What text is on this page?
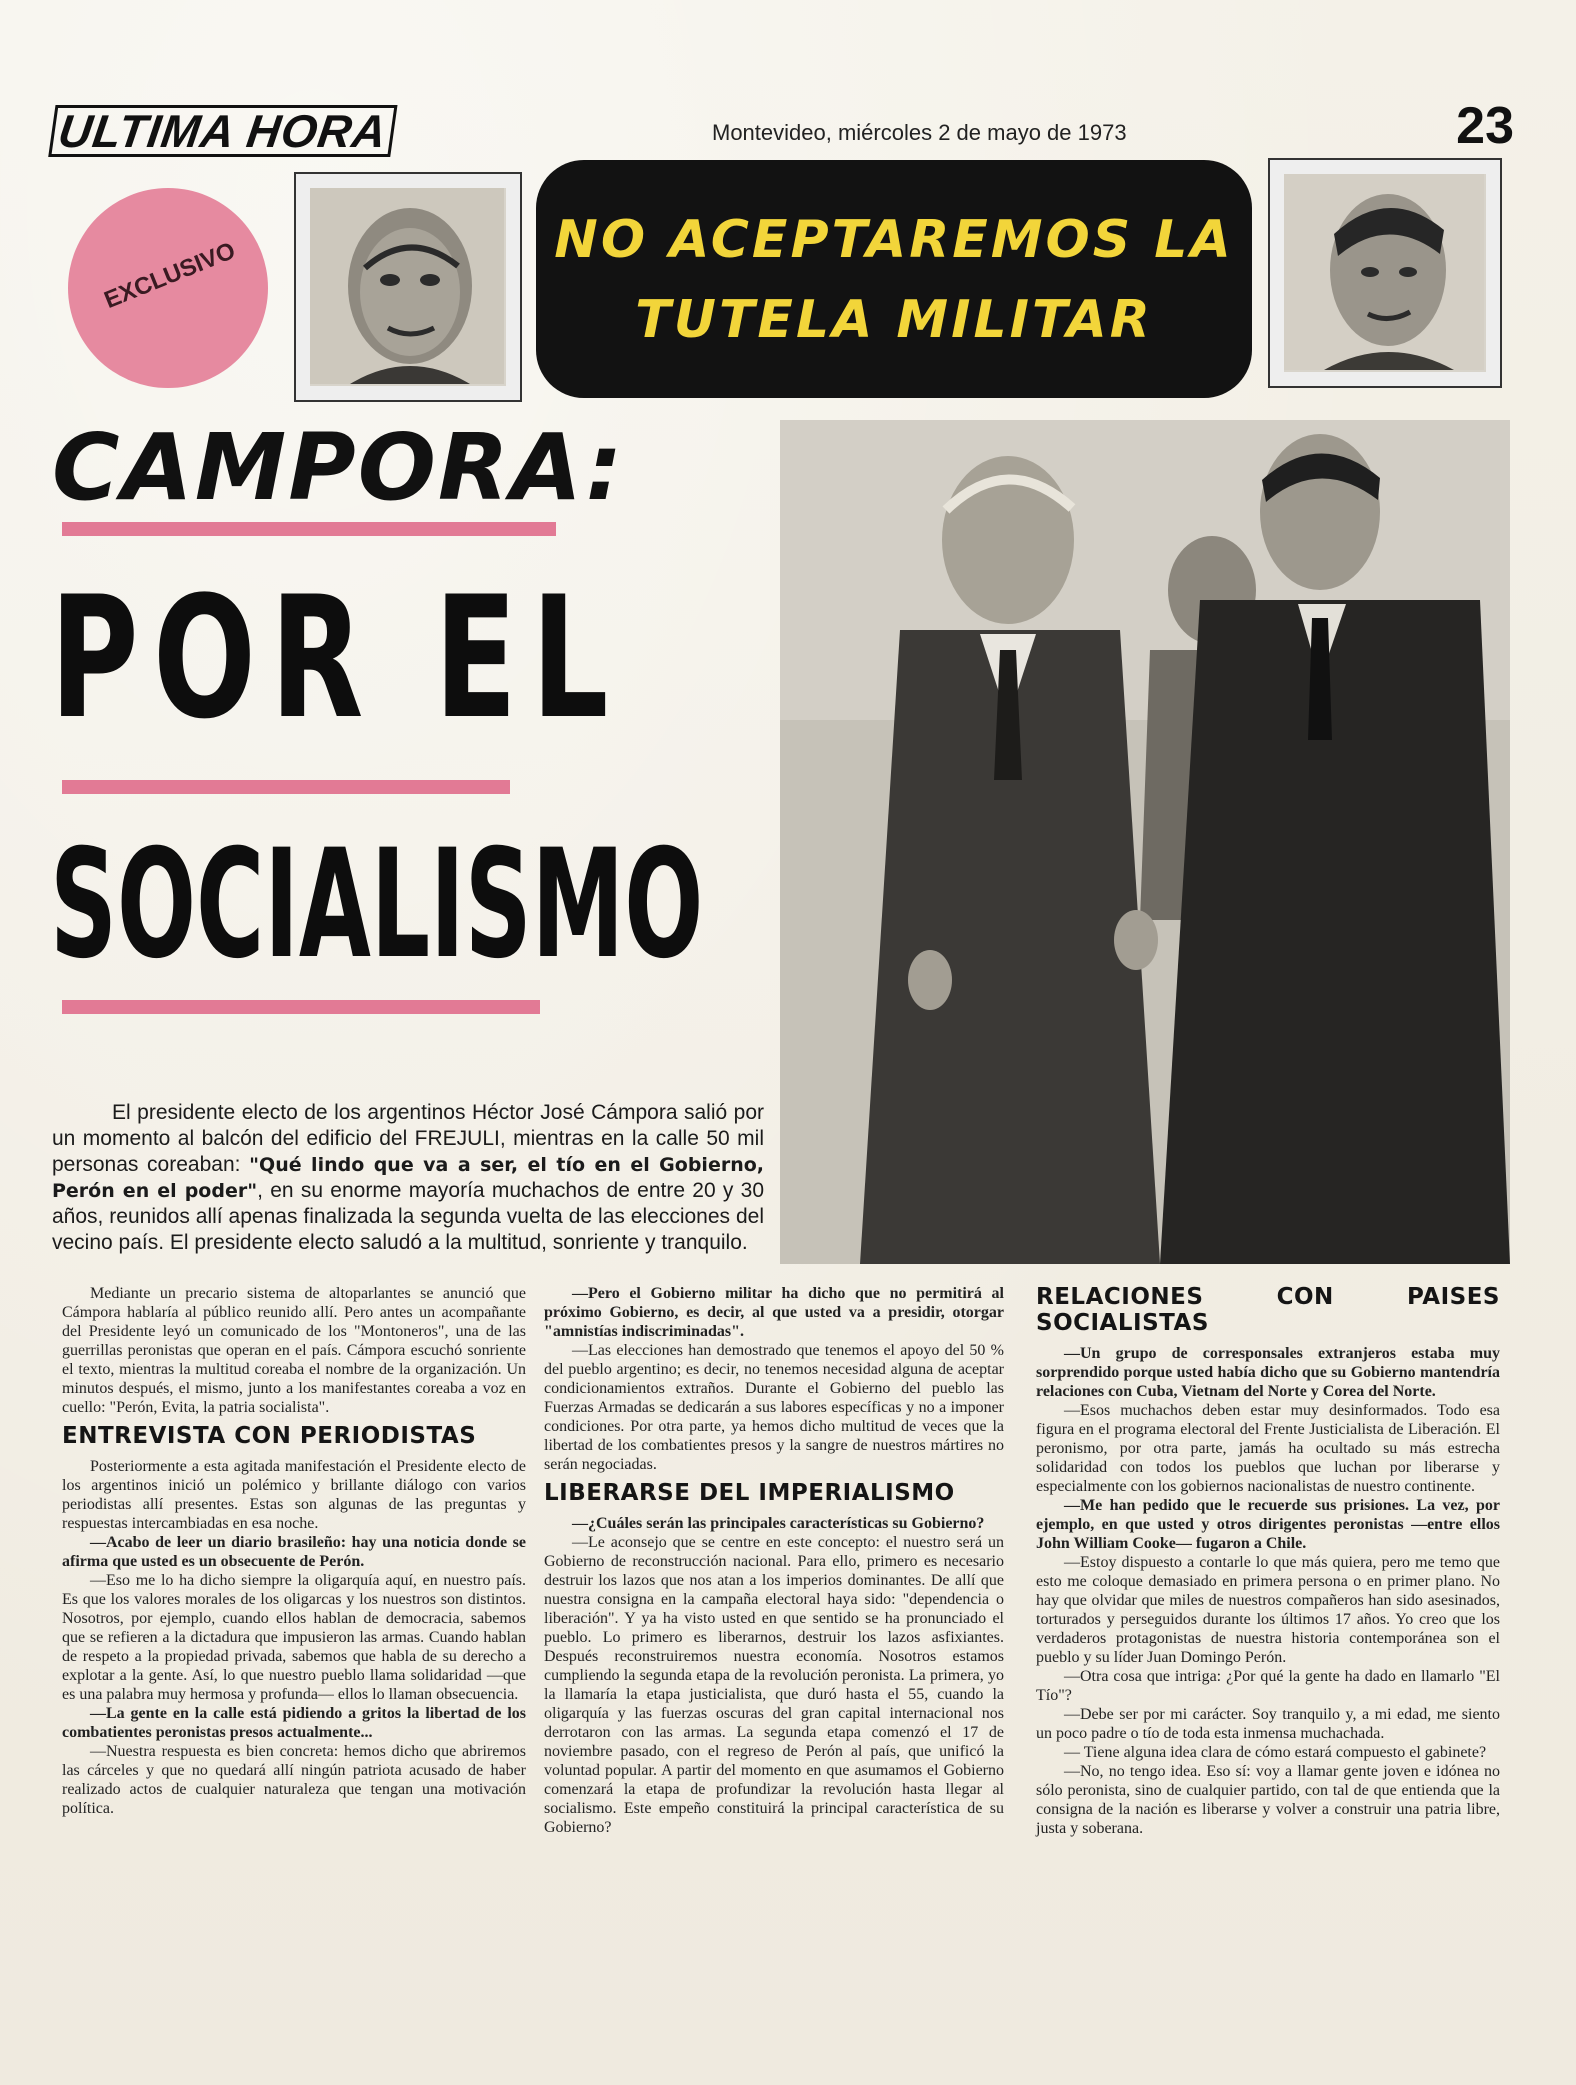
ULTIMA HORA	Montevideo, miércoles 2 de mayo de 1973	23
EXCLUSIVO	NO ACEPTAREMOS LA
TUTELA MILITAR
CAMPORA:
POR EL
SOCIALISMO

El presidente electo de los argentinos Héctor José Cámpora salió por un momento al balcón del edificio del FREJULI, mientras en la calle 50 mil personas coreaban: "Qué lindo que va a ser, el tío en el Gobierno, Perón en el poder", en su enorme mayoría muchachos de entre 20 y 30 años, reunidos allí apenas finalizada la segunda vuelta de las elecciones del vecino país. El presidente electo saludó a la multitud, sonriente y tranquilo.

Mediante un precario sistema de altoparlantes se anunció que Cámpora hablaría al público reunido allí. Pero antes un acompañante del Presidente leyó un comunicado de los "Montoneros", una de las guerrillas peronistas que operan en el país. Cámpora escuchó sonriente el texto, mientras la multitud coreaba el nombre de la organización. Un minutos después, el mismo, junto a los manifestantes coreaba a voz en cuello: "Perón, Evita, la patria socialista".

ENTREVISTA CON PERIODISTAS

Posteriormente a esta agitada manifestación el Presidente electo de los argentinos inició un polémico y brillante diálogo con varios periodistas allí presentes. Estas son algunas de las preguntas y respuestas intercambiadas en esa noche.

—Acabo de leer un diario brasileño: hay una noticia donde se afirma que usted es un obsecuente de Perón.

—Eso me lo ha dicho siempre la oligarquía aquí, en nuestro país. Es que los valores morales de los oligarcas y los nuestros son distintos. Nosotros, por ejemplo, cuando ellos hablan de democracia, sabemos que se refieren a la dictadura que impusieron las armas. Cuando hablan de respeto a la propiedad privada, sabemos que habla de su derecho a explotar a la gente. Así, lo que nuestro pueblo llama solidaridad —que es una palabra muy hermosa y profunda— ellos lo llaman obsecuencia.

—La gente en la calle está pidiendo a gritos la libertad de los combatientes peronistas presos actualmente...

—Nuestra respuesta es bien concreta: hemos dicho que abriremos las cárceles y que no quedará allí ningún patriota acusado de haber realizado actos de cualquier naturaleza que tengan una motivación política.

—Pero el Gobierno militar ha dicho que no permitirá al próximo Gobierno, es decir, al que usted va a presidir, otorgar "amnistías indiscriminadas".

—Las elecciones han demostrado que tenemos el apoyo del 50 % del pueblo argentino; es decir, no tenemos necesidad alguna de aceptar condicionamientos extraños. Durante el Gobierno del pueblo las Fuerzas Armadas se dedicarán a sus labores específicas y no a imponer condiciones. Por otra parte, ya hemos dicho multitud de veces que la libertad de los combatientes presos y la sangre de nuestros mártires no serán negociadas.

LIBERARSE DEL IMPERIALISMO

—¿Cuáles serán las principales características su Gobierno?

—Le aconsejo que se centre en este concepto: el nuestro será un Gobierno de reconstrucción nacional. Para ello, primero es necesario destruir los lazos que nos atan a los imperios dominantes. De allí que nuestra consigna en la campaña electoral haya sido: "dependencia o liberación". Y ya ha visto usted en que sentido se ha pronunciado el pueblo. Lo primero es liberarnos, destruir los lazos asfixiantes. Después reconstruiremos nuestra economía. Nosotros estamos cumpliendo la segunda etapa de la revolución peronista. La primera, yo la llamaría la etapa justicialista, que duró hasta el 55, cuando la oligarquía y las fuerzas oscuras del gran capital internacional nos derrotaron con las armas. La segunda etapa comenzó el 17 de noviembre pasado, con el regreso de Perón al país, que unificó la voluntad popular. A partir del momento en que asumamos el Gobierno comenzará la etapa de profundizar la revolución hasta llegar al socialismo. Este empeño constituirá la principal característica de su Gobierno?

RELACIONES CON PAISES SOCIALISTAS

—Un grupo de corresponsales extranjeros estaba muy sorprendido porque usted había dicho que su Gobierno mantendría relaciones con Cuba, Vietnam del Norte y Corea del Norte.

—Esos muchachos deben estar muy desinformados. Todo esa figura en el programa electoral del Frente Justicialista de Liberación. El peronismo, por otra parte, jamás ha ocultado su más estrecha solidaridad con todos los pueblos que luchan por liberarse y especialmente con los gobiernos nacionalistas de nuestro continente.

—Me han pedido que le recuerde sus prisiones. La vez, por ejemplo, en que usted y otros dirigentes peronistas —entre ellos John William Cooke— fugaron a Chile.

—Estoy dispuesto a contarle lo que más quiera, pero me temo que esto me coloque demasiado en primera persona o en primer plano. No hay que olvidar que miles de nuestros compañeros han sido asesinados, torturados y perseguidos durante los últimos 17 años. Yo creo que los verdaderos protagonistas de nuestra historia contemporánea son el pueblo y su líder Juan Domingo Perón.

—Otra cosa que intriga: ¿Por qué la gente ha dado en llamarlo "El Tío"?

—Debe ser por mi carácter. Soy tranquilo y, a mi edad, me siento un poco padre o tío de toda esta inmensa muchachada.

— Tiene alguna idea clara de cómo estará compuesto el gabinete?

—No, no tengo idea. Eso sí: voy a llamar gente joven e idónea no sólo peronista, sino de cualquier partido, con tal de que entienda que la consigna de la nación es liberarse y volver a construir una patria libre, justa y soberana.
